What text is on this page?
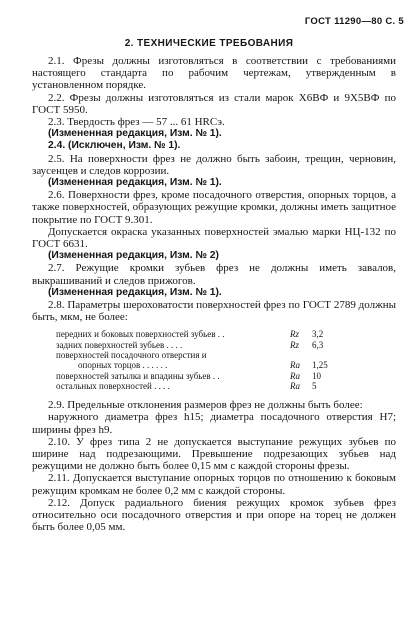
ГОСТ 11290—80 С. 5
2. ТЕХНИЧЕСКИЕ ТРЕБОВАНИЯ

2.1. Фрезы должны изготовляться в соответствии с требованиями настоящего стандарта по рабочим чертежам, утвержденным в установленном порядке.

2.2. Фрезы должны изготовляться из стали марок Х6ВФ и 9Х5ВФ по ГОСТ 5950.

2.3. Твердость фрез — 57 ... 61 HRCэ.

(Измененная редакция, Изм. № 1).

2.4. (Исключен, Изм. № 1).

2.5. На поверхности фрез не должно быть забоин, трещин, черновин, заусенцев и следов коррозии.

(Измененная редакция, Изм. № 1).

2.6. Поверхности фрез, кроме посадочного отверстия, опорных торцов, а также поверхностей, образующих режущие кромки, должны иметь защитное покрытие по ГОСТ 9.301.

Допускается окраска указанных поверхностей эмалью марки НЦ-132 по ГОСТ 6631.

(Измененная редакция, Изм. № 2)

2.7. Режущие кромки зубьев фрез не должны иметь завалов, выкрашиваний и следов прижогов.

(Измененная редакция, Изм. № 1).

2.8. Параметры шероховатости поверхностей фрез по ГОСТ 2789 должны быть, мкм, не более:

передних и боковых поверхностей зубьев . .	Rz	3,2
задних поверхностей зубьев . . . .	Rz	6,3
поверхностей посадочного отверстия и		
опорных торцов . . . . . .	Ra	1,25
поверхностей затылка и впадины зубьев . .	Ra	10
остальных поверхностей . . . .	Ra	5

2.9. Предельные отклонения размеров фрез не должны быть более:

наружного диаметра фрез h15; диаметра посадочного отверстия H7; ширины фрез h9.

2.10. У фрез типа 2 не допускается выступание режущих зубьев по ширине над подрезающими. Превышение подрезающих зубьев над режущими не должно быть более 0,15 мм с каждой стороны фрезы.

2.11. Допускается выступание опорных торцов по отношению к боковым режущим кромкам не более 0,2 мм с каждой стороны.

2.12. Допуск радиального биения режущих кромок зубьев фрез относительно оси посадочного отверстия и при опоре на торец не должен быть более 0,05 мм.
